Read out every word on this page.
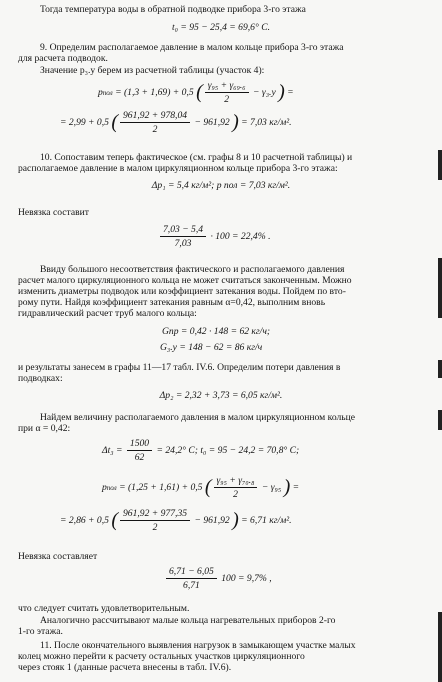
Тогда температура воды в обратной подводке прибора 3-го этажа
t₀ = 95 − 25,4 = 69,6° C.
9. Определим располагаемое давление в малом кольце прибора 3-го этажа
для расчета подводок.
Значение p₃.у берем из расчетной таблицы (участок 4):
pпол = (1,3 + 1,69) + 0,5 ( $\frac{\text{γ₉₅ + γ₆₉.₆}}{2} - \gamma_3.у$ ) =
= 2,99 + 0,5 ( $\frac{961,92 + 978,04}{2} - 961,92$ ) = 7,03 кг/м².
10. Сопоставим теперь фактическое (см. графы 8 и 10 расчетной таблицы) и
располагаемое давление в малом циркуляционном кольце прибора 3-го этажа:
Δp₁ = 5,4 кг/м²; p пол = 7,03 кг/м².
Невязка составит
$\frac{7,03 - 5,4}{7,03} \cdot 100 = 22,4\%$ .
Ввиду большого несоответствия фактического и располагаемого давления
расчет малого циркуляционного кольца не может считаться законченным. Можно
изменить диаметры подводок или коэффициент затекания воды. Пойдем по вто-
рому пути. Найдя коэффициент затекания равным α=0,42, выполним вновь
гидравлический расчет труб малого кольца:
Gпр = 0,42 · 148 = 62 кг/ч;
G₃.у = 148 − 62 = 86 кг/ч
и результаты занесем в графы 11—17 табл. IV.6. Определим потери давления в
подводках:
Δp₂ = 2,32 + 3,73 = 6,05 кг/м².
Найдем величину располагаемого давления в малом циркуляционном кольце
при α = 0,42:
$\Delta t_3 = \frac{1500}{62} = 24,2^\circ$ C; t₀ = 95 − 24,2 = 70,8° C;
pпол = (1,25 + 1,61) + 0,5 ( $\frac{\text{γ₉₅ + γ₇₀.₈}}{2} - \gamma_{95}$ ) =
= 2,86 + 0,5 ( $\frac{961,92 + 977,35}{2} - 961,92$ ) = 6,71 кг/м².
Невязка составляет
$\frac{6,71 - 6,05}{6,71} 100 = 9,7\%$ ,
что следует считать удовлетворительным.
Аналогично рассчитывают малые кольца нагревательных приборов 2-го
1-го этажа.
11. После окончательного выявления нагрузок в замыкающем участке малых
колец можно перейти к расчету остальных участков циркуляционного
через стояк 1 (данные расчета внесены в табл. IV.6).
